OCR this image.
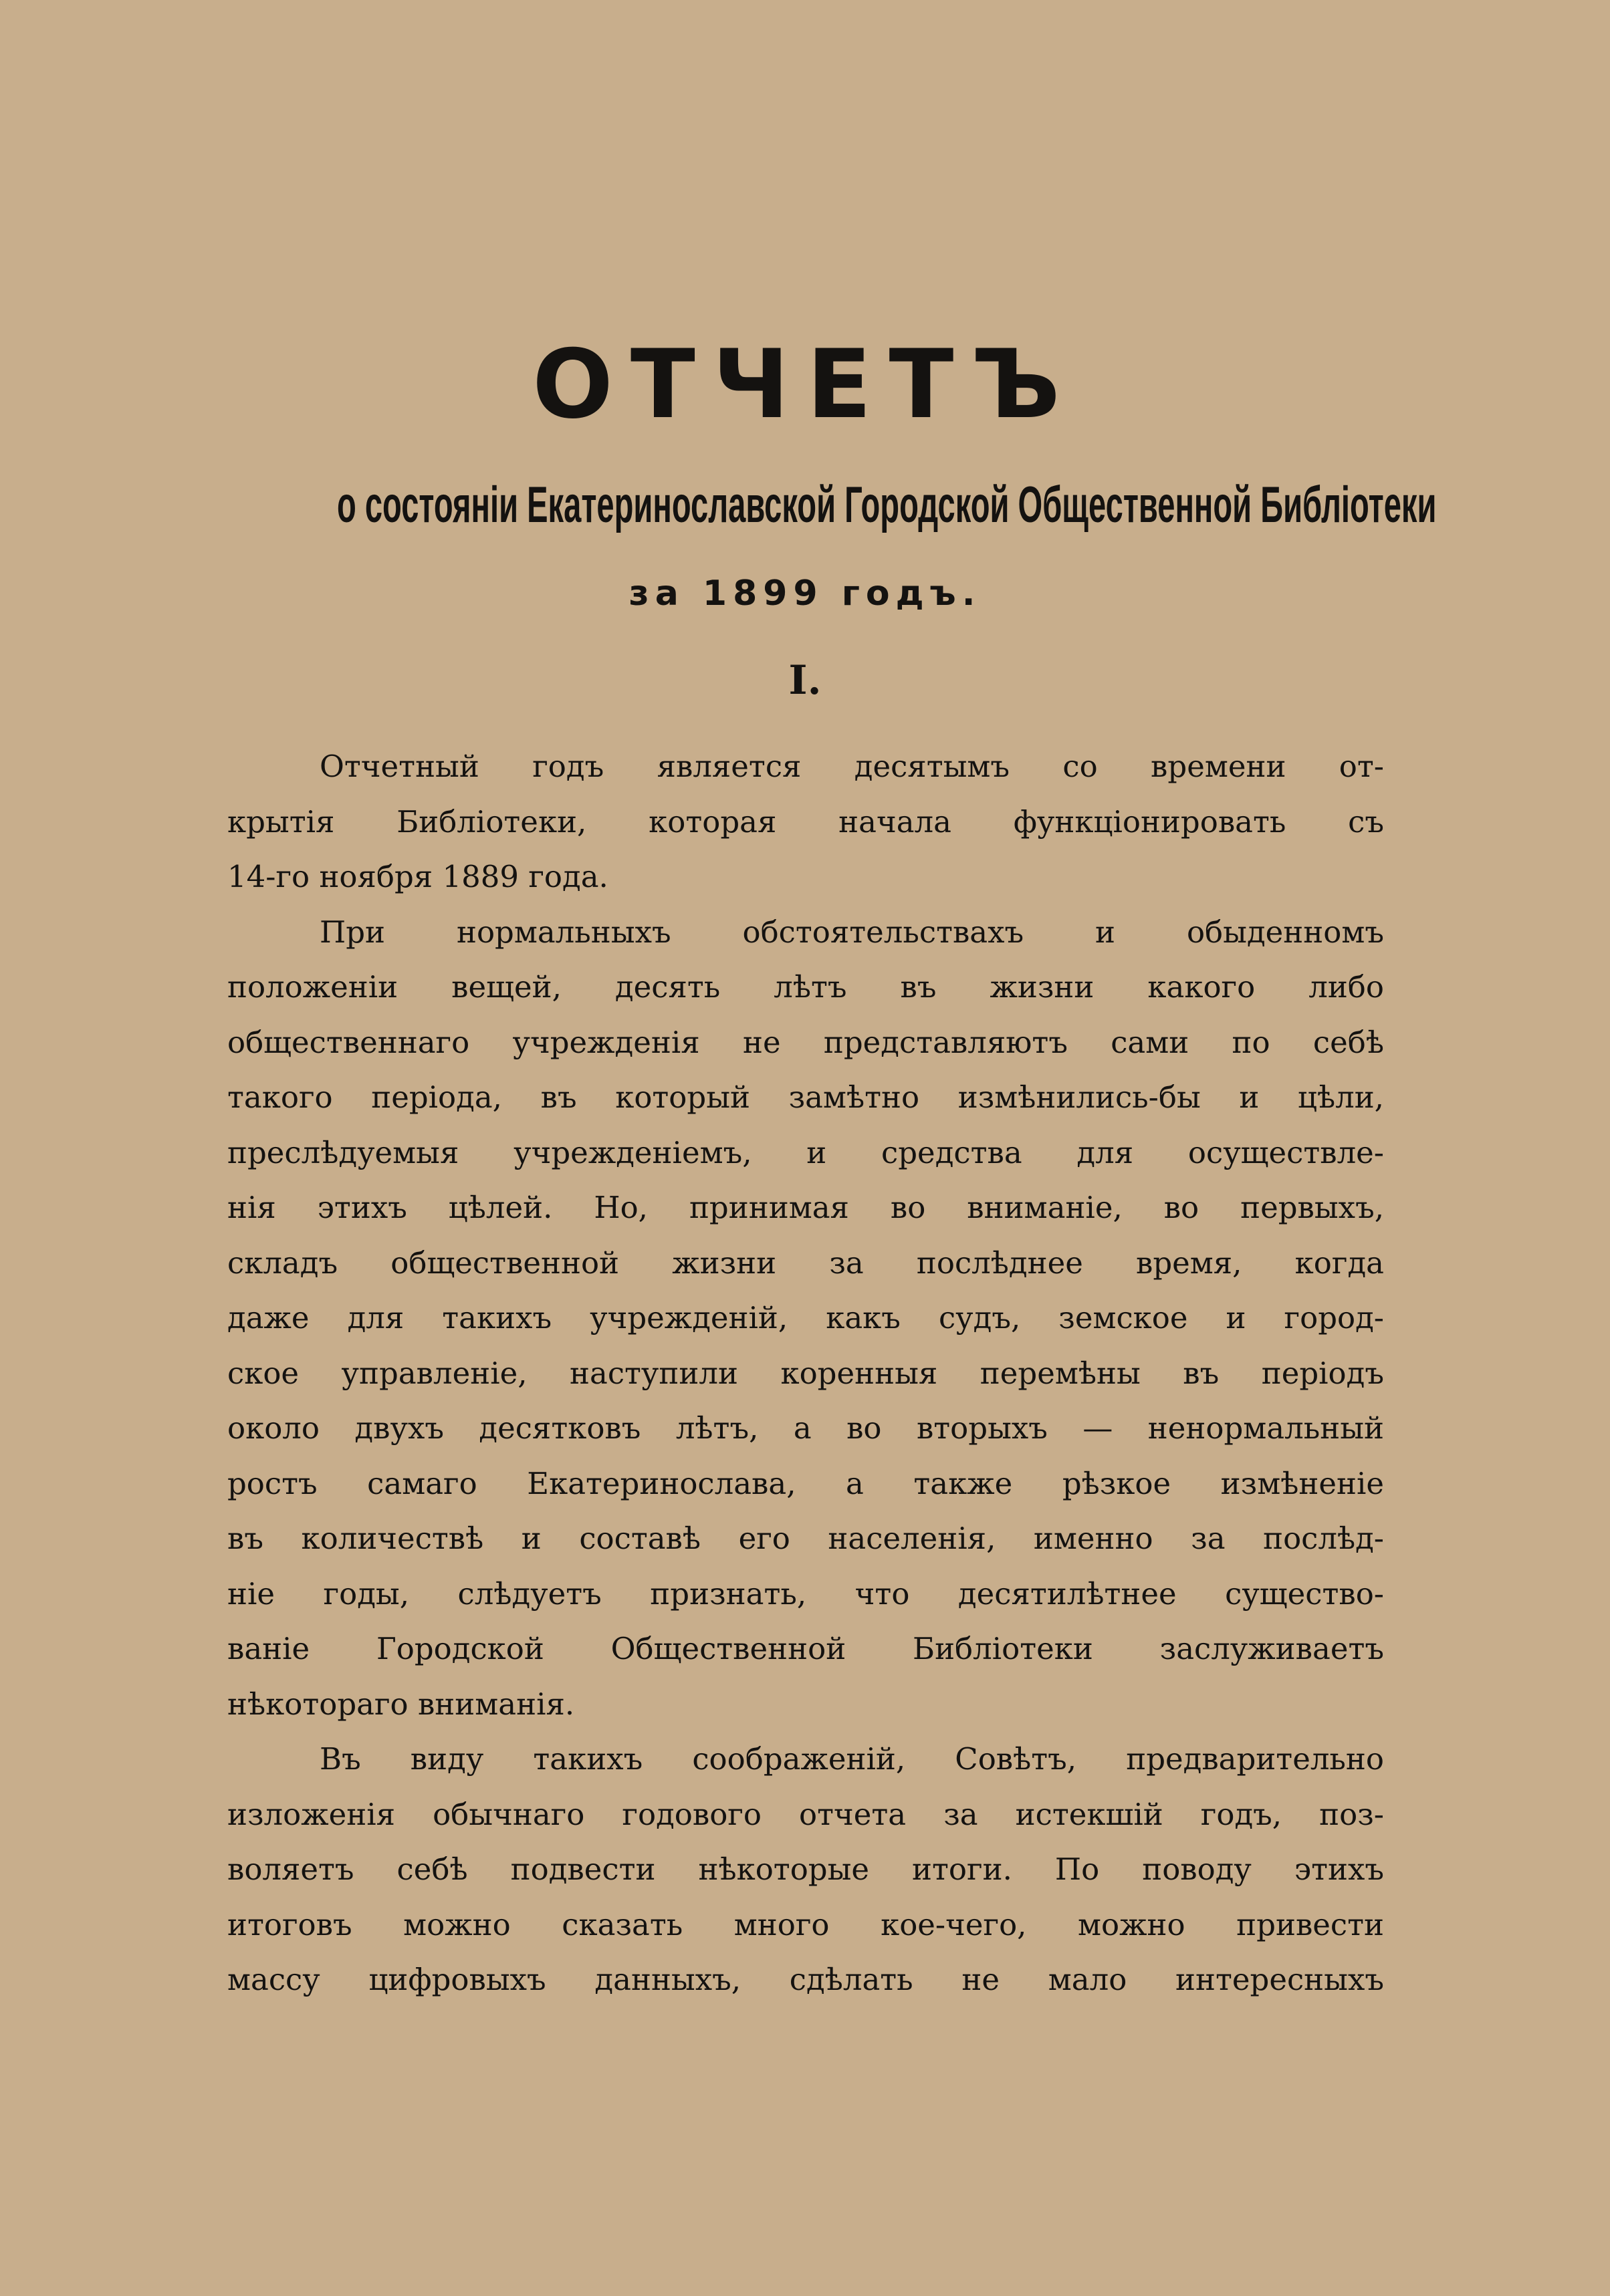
ОТЧЕТЪ
о состояніи Екатеринославской Городской Общественной Библіотеки
за 1899 годъ.
I.

Отчетный годъ является десятымъ со времени от-
крытія Библіотеки, которая начала функціонировать съ
14-го ноября 1889 года.

При нормальныхъ обстоятельствахъ и обыденномъ
положеніи вещей, десять лѣтъ въ жизни какого либо
общественнаго учрежденія не представляютъ сами по себѣ
такого періода, въ который замѣтно измѣнились-бы и цѣли,
преслѣдуемыя учрежденіемъ, и средства для осуществле-
нія этихъ цѣлей. Но, принимая во вниманіе, во первыхъ,
складъ общественной жизни за послѣднее время, когда
даже для такихъ учрежденій, какъ судъ, земское и город-
ское управленіе, наступили коренныя перемѣны въ періодъ
около двухъ десятковъ лѣтъ, а во вторыхъ — ненормальный
ростъ самаго Екатеринослава, а также рѣзкое измѣненіе
въ количествѣ и составѣ его населенія, именно за послѣд-
ніе годы, слѣдуетъ признать, что десятилѣтнее существо-
ваніе Городской Общественной Библіотеки заслуживаетъ
нѣкотораго вниманія.

Въ виду такихъ соображеній, Совѣтъ, предварительно
изложенія обычнаго годового отчета за истекшій годъ, поз-
воляетъ себѣ подвести нѣкоторые итоги. По поводу этихъ
итоговъ можно сказать много кое-чего, можно привести
массу цифровыхъ данныхъ, сдѣлать не мало интересныхъ
